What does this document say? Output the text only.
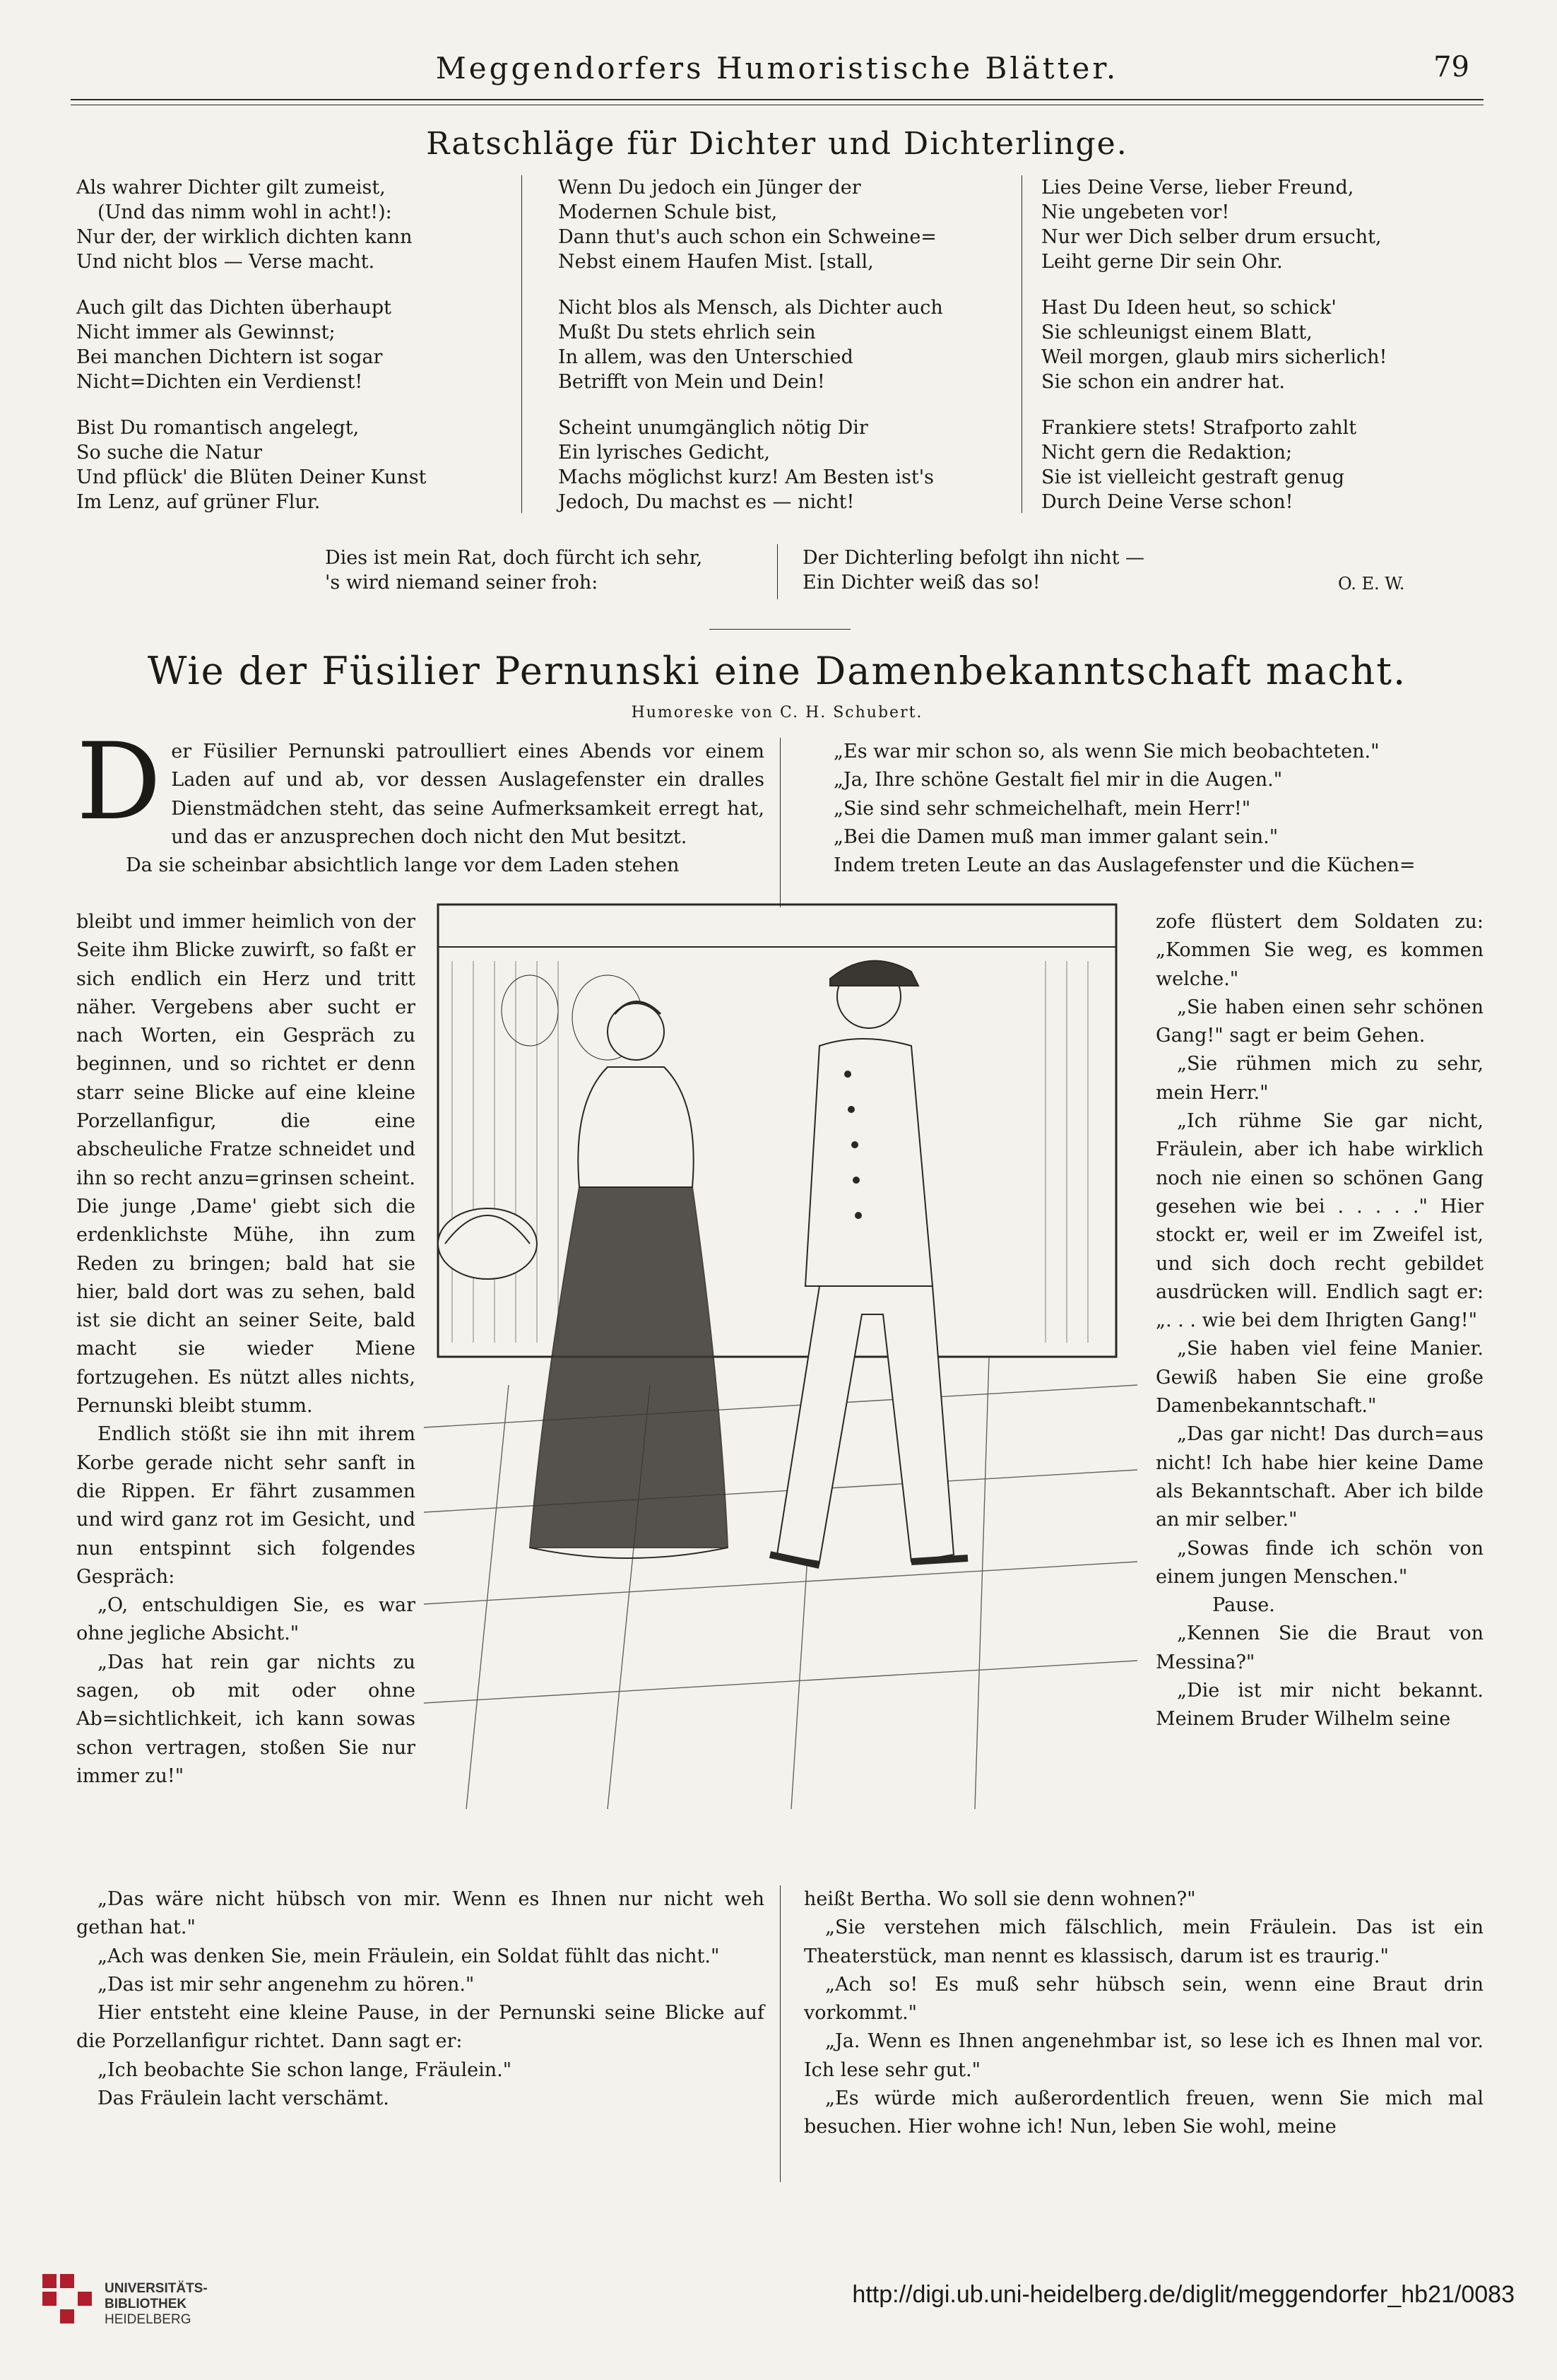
Meggendorfers Humoristische Blätter.	79
Ratschläge für Dichter und Dichterlinge.
Als wahrer Dichter gilt zumeist,
(Und das nimm wohl in acht!):
Nur der, der wirklich dichten kann
Und nicht blos — Verse macht.
Auch gilt das Dichten überhaupt
Nicht immer als Gewinnst;
Bei manchen Dichtern ist sogar
Nicht=Dichten ein Verdienst!
Bist Du romantisch angelegt,
So suche die Natur
Und pflück' die Blüten Deiner Kunst
Im Lenz, auf grüner Flur.
Wenn Du jedoch ein Jünger der
Modernen Schule bist,
Dann thut's auch schon ein Schweine=
Nebst einem Haufen Mist. [stall,
Nicht blos als Mensch, als Dichter auch
Mußt Du stets ehrlich sein
In allem, was den Unterschied
Betrifft von Mein und Dein!
Scheint unumgänglich nötig Dir
Ein lyrisches Gedicht,
Machs möglichst kurz! Am Besten ist's
Jedoch, Du machst es — nicht!
Lies Deine Verse, lieber Freund,
Nie ungebeten vor!
Nur wer Dich selber drum ersucht,
Leiht gerne Dir sein Ohr.
Hast Du Ideen heut, so schick'
Sie schleunigst einem Blatt,
Weil morgen, glaub mirs sicherlich!
Sie schon ein andrer hat.
Frankiere stets! Strafporto zahlt
Nicht gern die Redaktion;
Sie ist vielleicht gestraft genug
Durch Deine Verse schon!
Dies ist mein Rat, doch fürcht ich sehr,
's wird niemand seiner froh:
Der Dichterling befolgt ihn nicht —
Ein Dichter weiß das so!	O. E. W.
Wie der Füsilier Pernunski eine Damenbekanntschaft macht.
Humoreske von C. H. Schubert.

Der Füsilier Pernunski patroulliert eines Abends vor einem Laden auf und ab, vor dessen Auslagefenster ein dralles Dienstmädchen steht, das seine Aufmerksamkeit erregt hat, und das er anzusprechen doch nicht den Mut besitzt.

Da sie scheinbar absichtlich lange vor dem Laden stehen

„Es war mir schon so, als wenn Sie mich beobachteten."

„Ja, Ihre schöne Gestalt fiel mir in die Augen."

„Sie sind sehr schmeichelhaft, mein Herr!"

„Bei die Damen muß man immer galant sein."

Indem treten Leute an das Auslagefenster und die Küchen=

bleibt und immer heimlich von der Seite ihm Blicke zuwirft, so faßt er sich endlich ein Herz und tritt näher. Vergebens aber sucht er nach Worten, ein Gespräch zu beginnen, und so richtet er denn starr seine Blicke auf eine kleine Porzellanfigur, die eine abscheuliche Fratze schneidet und ihn so recht anzu=grinsen scheint. Die junge ‚Dame' giebt sich die erdenklichste Mühe, ihn zum Reden zu bringen; bald hat sie hier, bald dort was zu sehen, bald ist sie dicht an seiner Seite, bald macht sie wieder Miene fortzugehen. Es nützt alles nichts, Pernunski bleibt stumm.

Endlich stößt sie ihn mit ihrem Korbe gerade nicht sehr sanft in die Rippen. Er fährt zusammen und wird ganz rot im Gesicht, und nun entspinnt sich folgendes Gespräch:

„O, entschuldigen Sie, es war ohne jegliche Absicht."

„Das hat rein gar nichts zu sagen, ob mit oder ohne Ab=sichtlichkeit, ich kann sowas schon vertragen, stoßen Sie nur immer zu!"

zofe flüstert dem Soldaten zu: „Kommen Sie weg, es kommen welche."

„Sie haben einen sehr schönen Gang!" sagt er beim Gehen.

„Sie rühmen mich zu sehr, mein Herr."

„Ich rühme Sie gar nicht, Fräulein, aber ich habe wirklich noch nie einen so schönen Gang gesehen wie bei . . . . ." Hier stockt er, weil er im Zweifel ist, und sich doch recht gebildet ausdrücken will. Endlich sagt er: „. . . wie bei dem Ihrigten Gang!"

„Sie haben viel feine Manier. Gewiß haben Sie eine große Damenbekanntschaft."

„Das gar nicht! Das durch=aus nicht! Ich habe hier keine Dame als Bekanntschaft. Aber ich bilde an mir selber."

„Sowas finde ich schön von einem jungen Menschen."

Pause.

„Kennen Sie die Braut von Messina?"

„Die ist mir nicht bekannt. Meinem Bruder Wilhelm seine

„Das wäre nicht hübsch von mir. Wenn es Ihnen nur nicht weh gethan hat."

„Ach was denken Sie, mein Fräulein, ein Soldat fühlt das nicht."

„Das ist mir sehr angenehm zu hören."

Hier entsteht eine kleine Pause, in der Pernunski seine Blicke auf die Porzellanfigur richtet. Dann sagt er:

„Ich beobachte Sie schon lange, Fräulein."

Das Fräulein lacht verschämt.

heißt Bertha. Wo soll sie denn wohnen?"

„Sie verstehen mich fälschlich, mein Fräulein. Das ist ein Theaterstück, man nennt es klassisch, darum ist es traurig."

„Ach so! Es muß sehr hübsch sein, wenn eine Braut drin vorkommt."

„Ja. Wenn es Ihnen angenehmbar ist, so lese ich es Ihnen mal vor. Ich lese sehr gut."

„Es würde mich außerordentlich freuen, wenn Sie mich mal besuchen. Hier wohne ich! Nun, leben Sie wohl, meine

UNIVERSITÄTS-
BIBLIOTHEK
HEIDELBERG
http://digi.ub.uni-heidelberg.de/diglit/meggendorfer_hb21/0083
